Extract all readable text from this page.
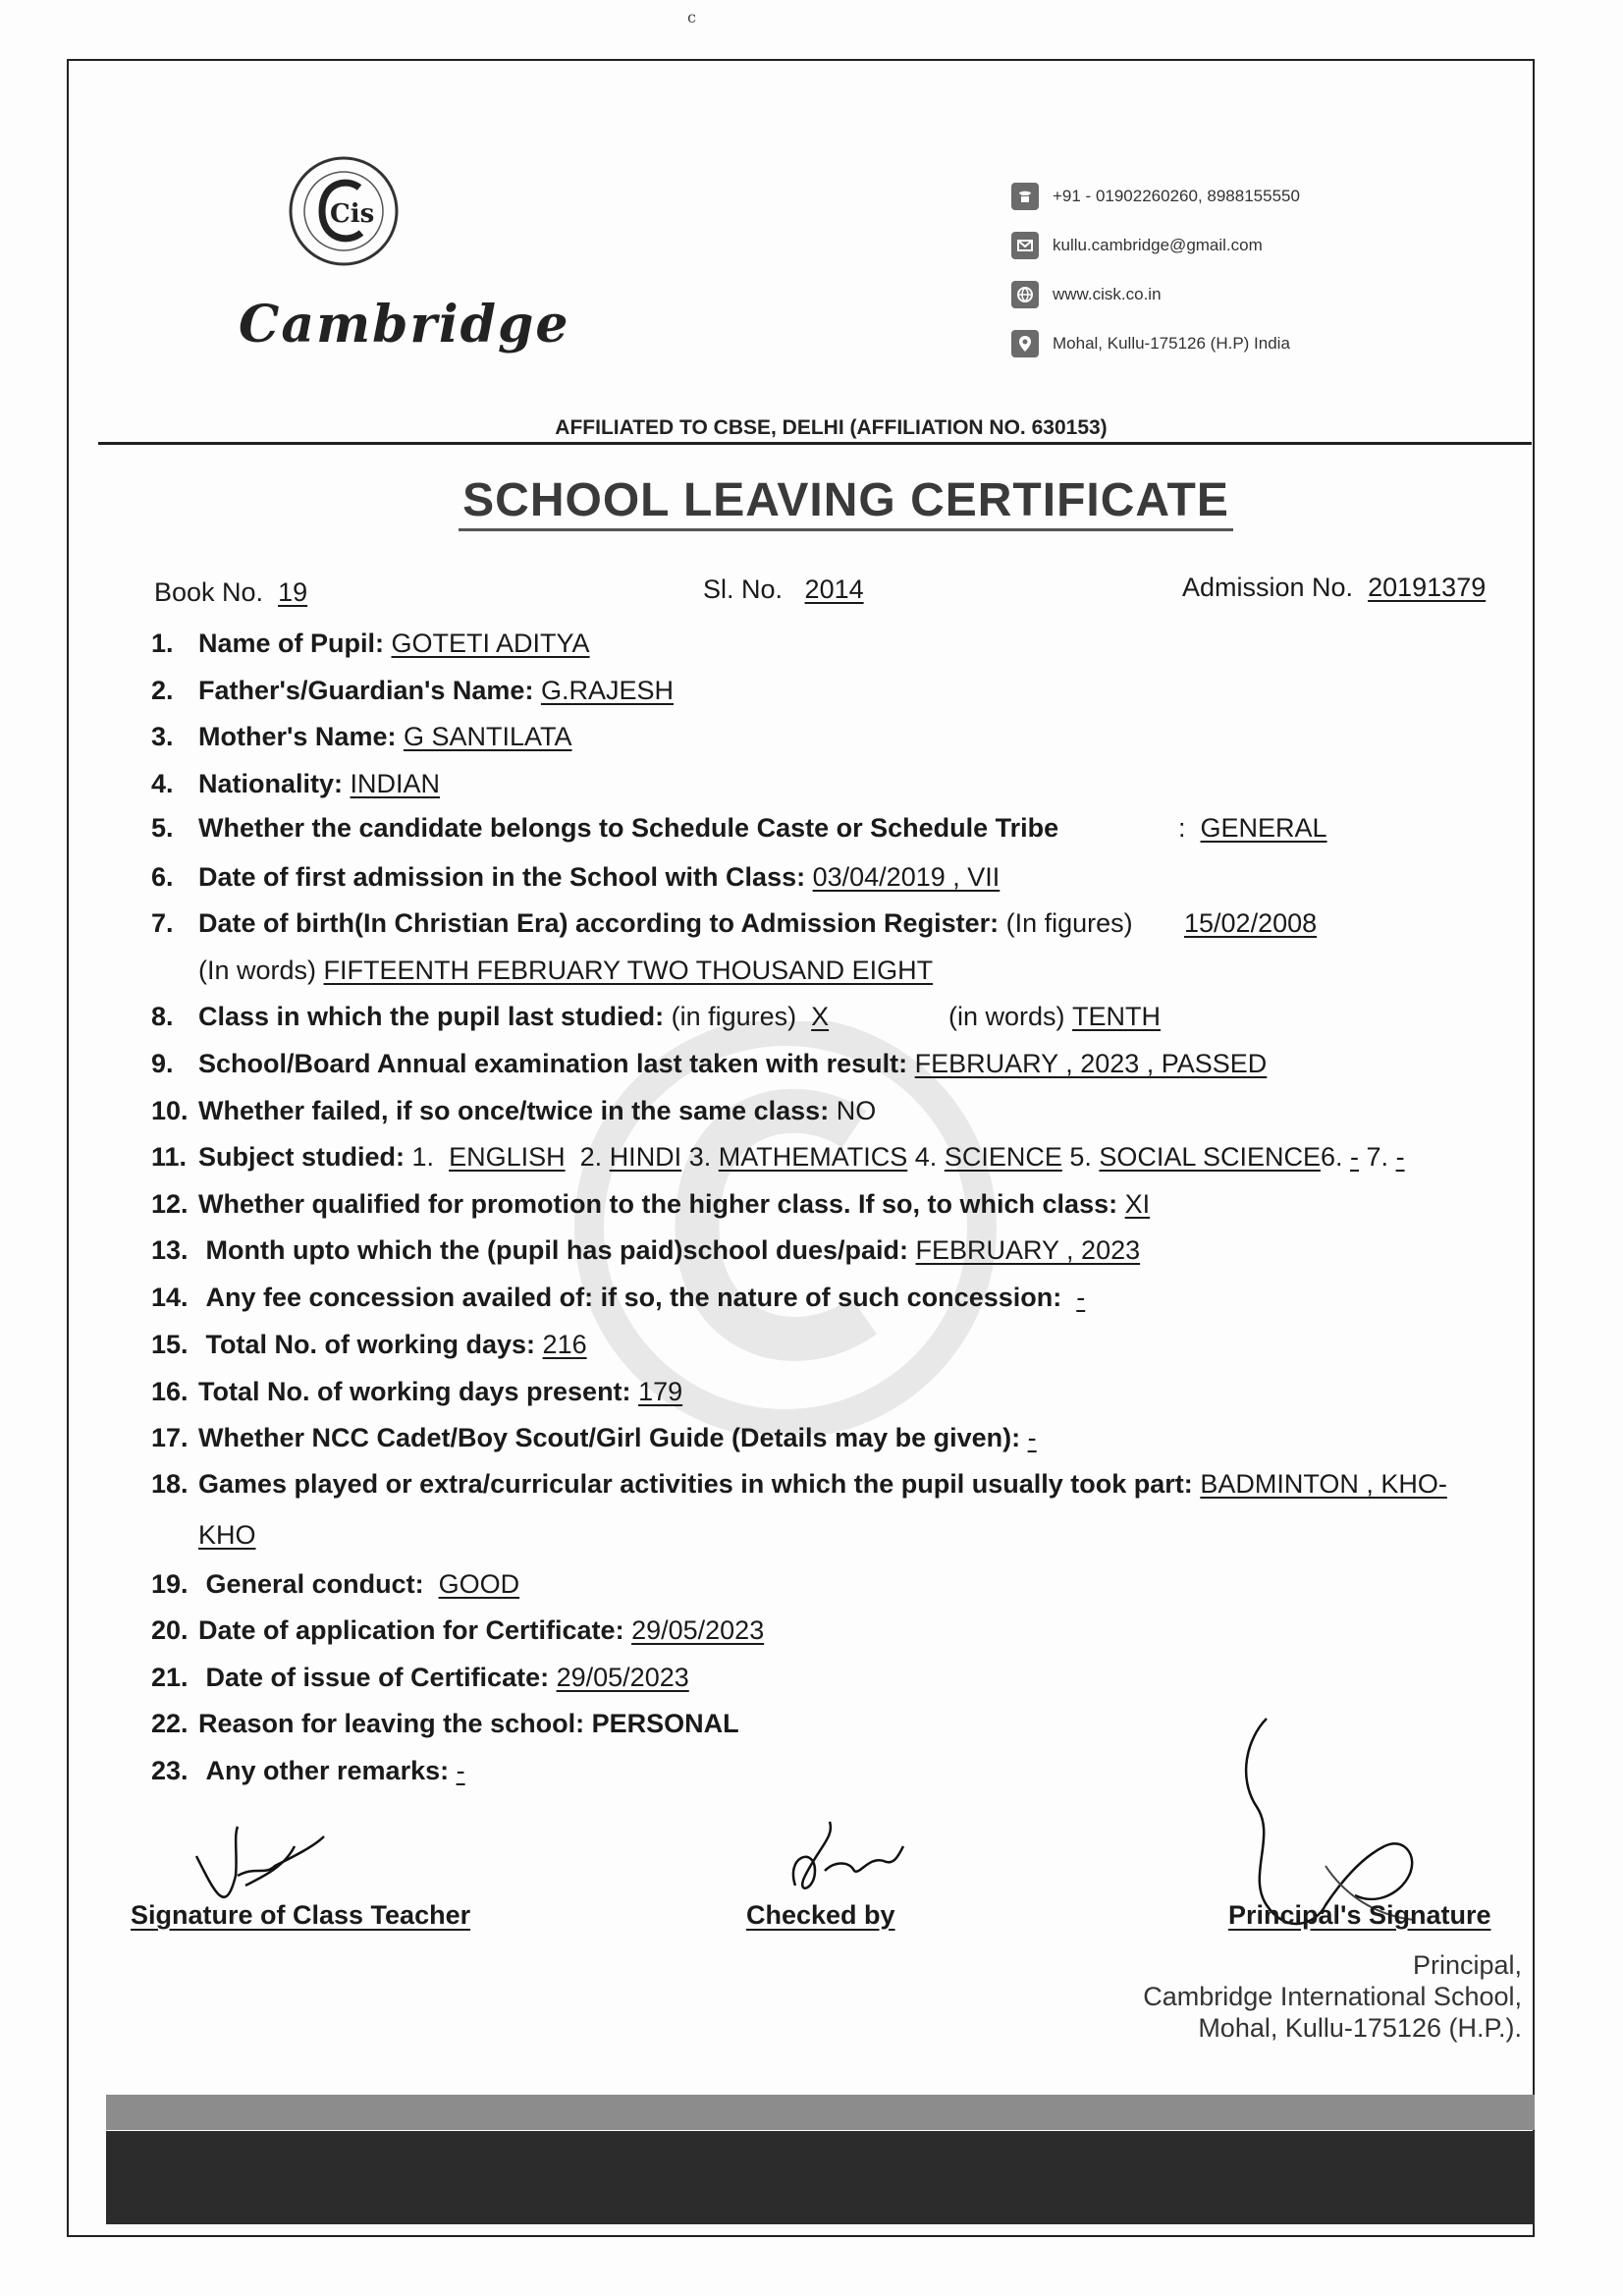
c
Cis
Cambridge
+91 - 01902260260, 8988155550
kullu.cambridge@gmail.com
www.cisk.co.in
Mohal, Kullu-175126 (H.P) India
AFFILIATED TO CBSE, DELHI (AFFILIATION NO. 630153)
SCHOOL LEAVING CERTIFICATE
Book No. 19	Sl. No. 2014	Admission No. 20191379
1. Name of Pupil: GOTETI ADITYA
2. Father's/Guardian's Name: G.RAJESH
3. Mother's Name: G SANTILATA
4. Nationality: INDIAN
5. Whether the candidate belongs to Schedule Caste or Schedule Tribe	: GENERAL
6. Date of first admission in the School with Class: 03/04/2019 , VII
7. Date of birth(In Christian Era) according to Admission Register: (In figures) 15/02/2008
(In words) FIFTEENTH FEBRUARY TWO THOUSAND EIGHT
8. Class in which the pupil last studied: (in figures) X	(in words) TENTH
9. School/Board Annual examination last taken with result: FEBRUARY , 2023 , PASSED
10. Whether failed, if so once/twice in the same class: NO
11. Subject studied: 1. ENGLISH 2. HINDI 3. MATHEMATICS 4. SCIENCE 5. SOCIAL SCIENCE6. - 7. -
12. Whether qualified for promotion to the higher class. If so, to which class: XI
13. Month upto which the (pupil has paid)school dues/paid: FEBRUARY , 2023
14. Any fee concession availed of: if so, the nature of such concession: -
15. Total No. of working days: 216
16. Total No. of working days present: 179
17. Whether NCC Cadet/Boy Scout/Girl Guide (Details may be given): -
18. Games played or extra/curricular activities in which the pupil usually took part: BADMINTON , KHO-
KHO
19. General conduct: GOOD
20. Date of application for Certificate: 29/05/2023
21. Date of issue of Certificate: 29/05/2023
22. Reason for leaving the school: PERSONAL
23. Any other remarks: -
Signature of Class Teacher	Checked by	Principal's Signature
Principal,
Cambridge International School,
Mohal, Kullu-175126 (H.P.).
